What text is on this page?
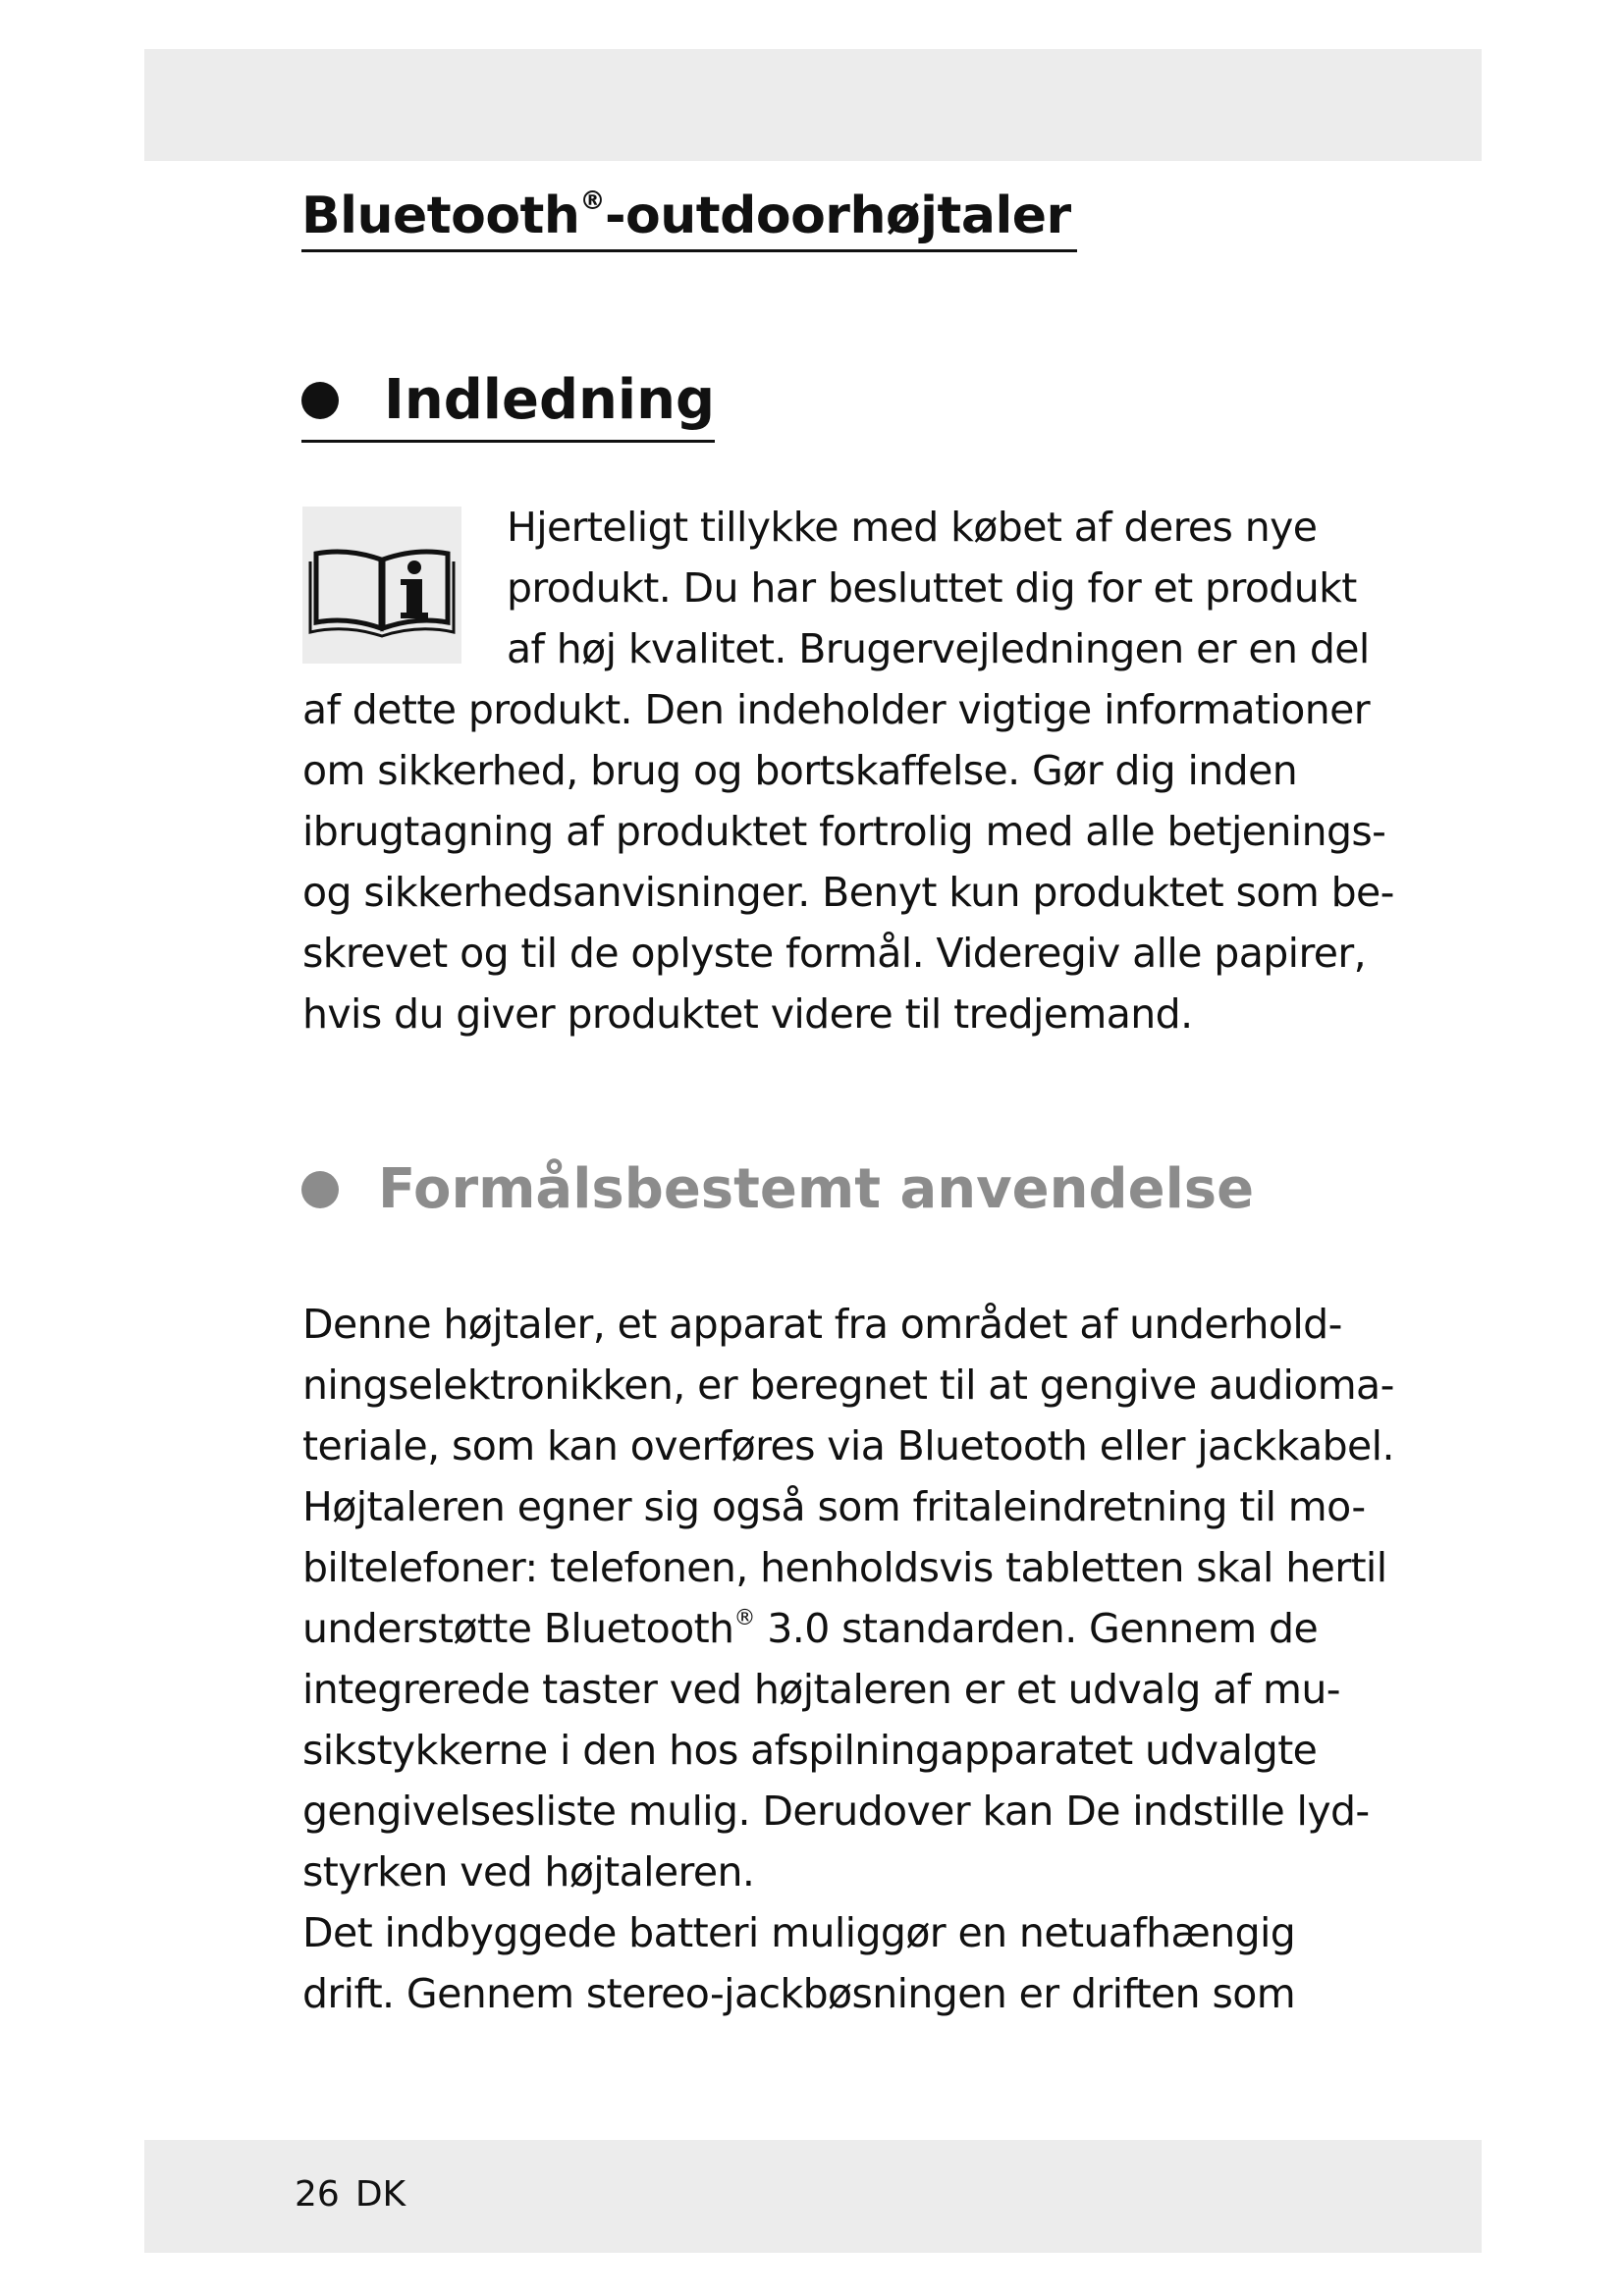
Bluetooth®-outdoorhøjtaler
Indledning
Hjerteligt tillykke med købet af deres nye
produkt. Du har besluttet dig for et produkt
af høj kvalitet. Brugervejledningen er en del
af dette produkt. Den indeholder vigtige informationer
om sikkerhed, brug og bortskaffelse. Gør dig inden
ibrugtagning af produktet fortrolig med alle betjenings-
og sikkerhedsanvisninger. Benyt kun produktet som be-
skrevet og til de oplyste formål. Videregiv alle papirer,
hvis du giver produktet videre til tredjemand.
Formålsbestemt anvendelse
Denne højtaler, et apparat fra området af underhold-
ningselektronikken, er beregnet til at gengive audioma-
teriale, som kan overføres via Bluetooth eller jackkabel.
Højtaleren egner sig også som fritaleindretning til mo-
biltelefoner: telefonen, henholdsvis tabletten skal hertil
understøtte Bluetooth® 3.0 standarden. Gennem de
integrerede taster ved højtaleren er et udvalg af mu-
sikstykkerne i den hos afspilningapparatet udvalgte
gengivelsesliste mulig. Derudover kan De indstille lyd-
styrken ved højtaleren.
Det indbyggede batteri muliggør en netuafhængig
drift. Gennem stereo-jackbøsningen er driften som
26 DK
